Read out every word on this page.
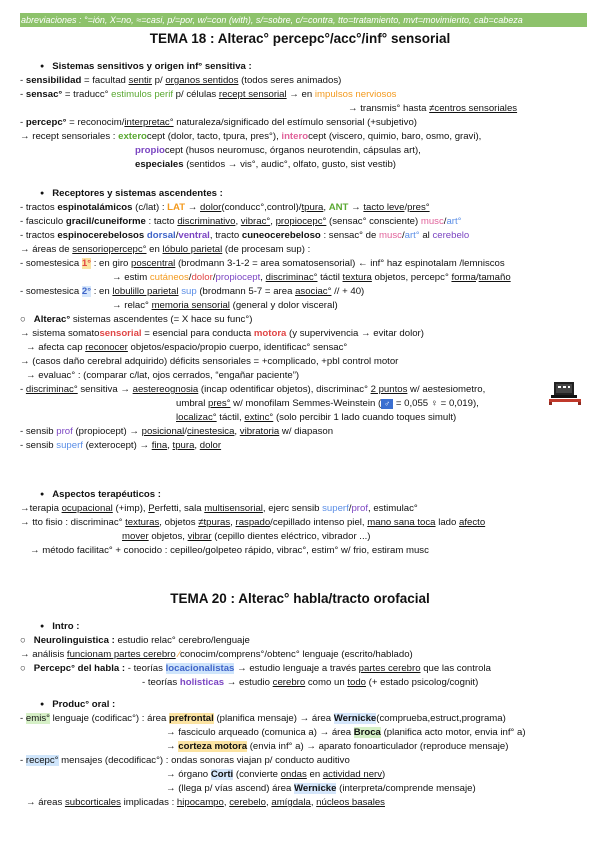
abreviaciones : °=ión, X=no, ≈=casi, p/=por, w/=con (with), s/=sobre, c/=contra, tto=tratamiento, mvt=movimiento, cab=cabeza
TEMA 18 : Alterac° percepc°/acc°/inf° sensorial
● Sistemas sensitivos y origen inf° sensitiva :
- sensibilidad = facultad sentir p/ organos sentidos (todos seres animados)
- sensac° = traducc° estimulos perif p/ células recept sensorial → en impulsos nerviosos
→ transmis° hasta ≠centros sensoriales
- percepc° = reconocim/interpretac° naturaleza/significado del estímulo sensorial (+subjetivo)
→ recept sensoriales : exterocept (dolor, tacto, tpura, pres°), interocept (viscero, quimio, baro, osmo, gravi),
propiocept (husos neuromusc, órganos neurotendin, cápsulas art),
especiales (sentidos → vis°, audic°, olfato, gusto, sist vestib)
● Receptores y sistemas ascendentes :
- tractos espinotalámicos (c/lat) : LAT → dolor(conducc°,control)/tpura, ANT → tacto leve/pres°
- fasciculo gracil/cuneiforme : tacto discriminativo, vibrac°, propiocepc° (sensac° consciente) musc/art°
- tractos espinocerebelosos dorsal/ventral, tracto cuneocerebeloso : sensac° de musc/art° al cerebelo
→ áreas de sensoriopercepc° en lóbulo parietal (de procesam sup) :
- somestesica 1° : en giro poscentral (brodmann 3-1-2 = area somatosensorial) ← inf° haz espinotalam /lemniscos
→ estim cutáneos/dolor/propiocept, discriminac° táctil textura objetos, percepc° forma/tamaño
- somestesica 2° : en lobulillo parietal sup (brodmann 5-7 = area asociac° // + 40)
→ relac° memoria sensorial (general y dolor visceral)
○ Alterac° sistemas ascendentes (= X hace su func°)
→ sistema somatosensorial = esencial para conducta motora (y supervivencia → evitar dolor)
→ afecta cap reconocer objetos/espacio/propio cuerpo, identificac° sensac°
→ (casos daño cerebral adquirido) déficits sensoriales = +complicado, +pbl control motor
→ evaluac° : (comparar c/lat, ojos cerrados, “engañar paciente”)
- discriminac° sensitiva → aestereognosia (incap odentificar objetos), discriminac° 2 puntos w/ aestesiometro,
umbral pres° w/ monofilam Semmes-Weinstein ( ♂ = 0,055 ♀ = 0,019),
localizac° táctil, extinc° (solo percibir 1 lado cuando toques simult)
- sensib prof (propiocept) → posicional/cinestesica, vibratoria w/ diapason
- sensib superf (exterocept) → fina, tpura, dolor
● Aspectos terapéuticos :
→terapia ocupacional (+imp), Perfetti, sala multisensorial, ejerc sensib superf/prof, estimulac°
→ tto fisio : discriminac° texturas, objetos ≠tpuras, raspado/cepillado intenso piel, mano sana toca lado afecto
mover objetos, vibrar (cepillo dientes eléctrico, vibrador ...)
→ método facilitac° + conocido : cepilleo/golpeteo rápido, vibrac°, estim° w/ frio, estiram musc
TEMA 20 : Alterac° habla/tracto orofacial
● Intro :
○ Neurolinguistica : estudio relac° cerebro/lenguaje
→ análisis funcionam partes cerebro ⁄conocim/comprens°/obtenc° lenguaje (escrito/hablado)
○ Percepc° del habla : - teorías locacionalistas → estudio lenguaje a través partes cerebro que las controla
- teorías holisticas → estudio cerebro como un todo (+ estado psicolog/cognit)
● Produc° oral :
- emis° lenguaje (codificac°) : área prefrontal (planifica mensaje) → área Wernicke(comprueba,estruct,programa)
→ fasciculo arqueado (comunica a) → área Broca (planifica acto motor, envia inf° a)
→ corteza motora (envia inf° a) → aparato fonoarticulador (reproduce mensaje)
- recepc° mensajes (decodificac°) : ondas sonoras viajan p/ conducto auditivo
→ órgano Corti (convierte ondas en actividad nerv)
→ (llega p/ vías ascend) área Wernicke (interpreta/comprende mensaje)
→ áreas subcorticales implicadas : hipocampo, cerebelo, amígdala, núcleos basales
